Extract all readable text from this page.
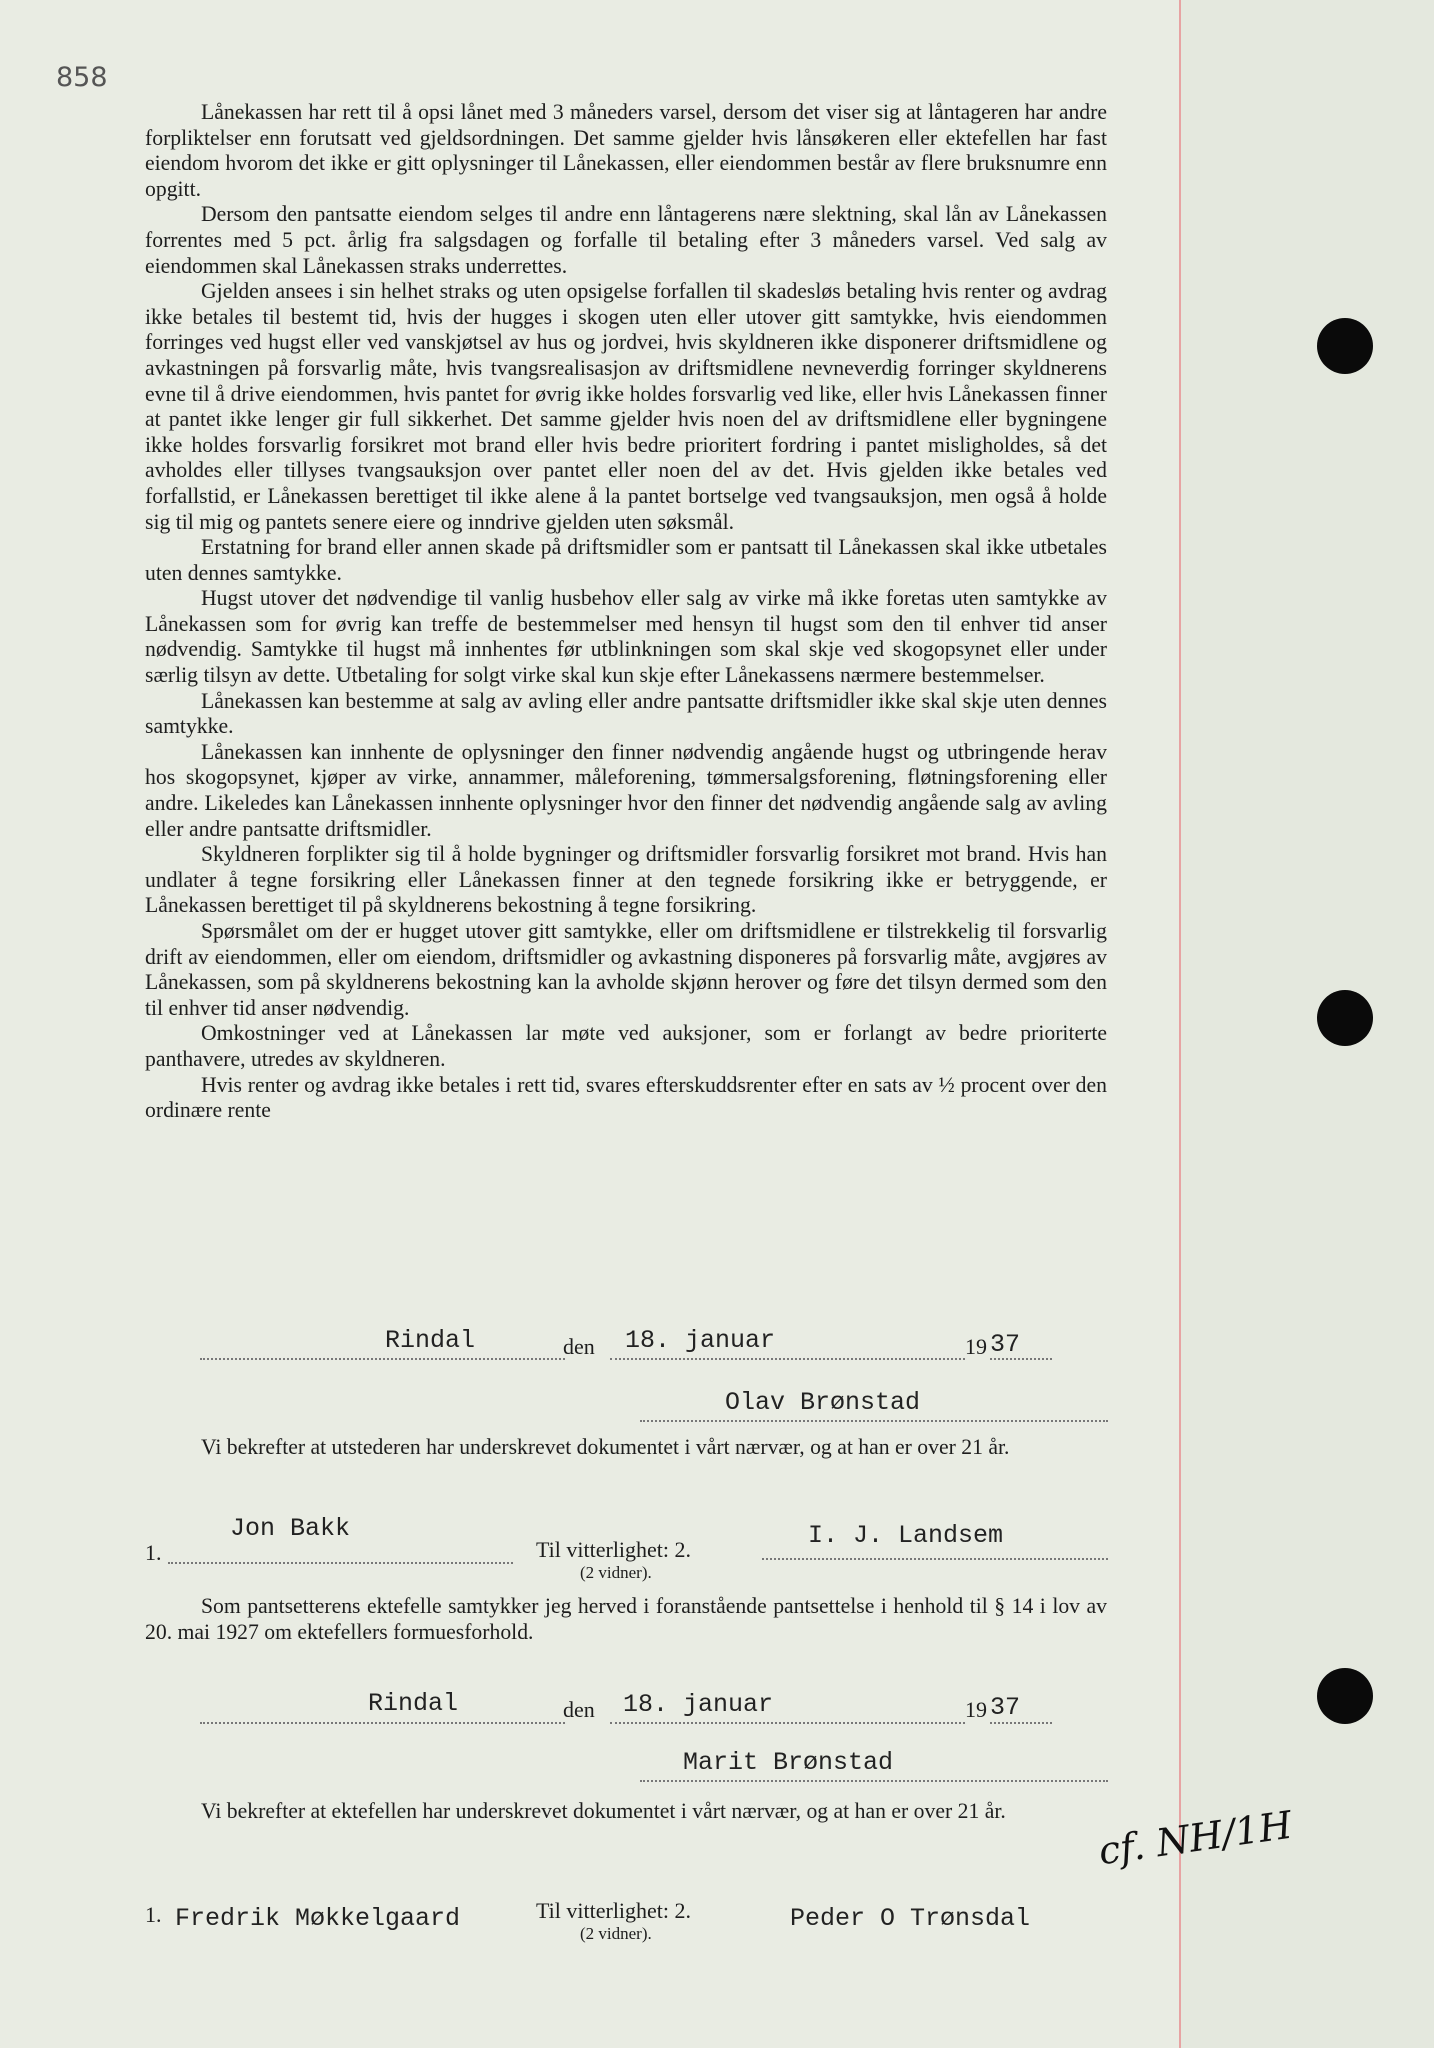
858

Lånekassen har rett til å opsi lånet med 3 måneders varsel, dersom det viser sig at låntageren har andre forpliktelser enn forutsatt ved gjeldsordningen. Det samme gjelder hvis lånsøkeren eller ektefellen har fast eiendom hvorom det ikke er gitt oplysninger til Lånekassen, eller eiendommen består av flere bruksnumre enn opgitt.

Dersom den pantsatte eiendom selges til andre enn låntagerens nære slektning, skal lån av Lånekassen forrentes med 5 pct. årlig fra salgsdagen og forfalle til betaling efter 3 måneders varsel. Ved salg av eiendommen skal Lånekassen straks underrettes.

Gjelden ansees i sin helhet straks og uten opsigelse forfallen til skadesløs betaling hvis renter og avdrag ikke betales til bestemt tid, hvis der hugges i skogen uten eller utover gitt samtykke, hvis eiendommen forringes ved hugst eller ved vanskjøtsel av hus og jordvei, hvis skyldneren ikke disponerer driftsmidlene og avkastningen på forsvarlig måte, hvis tvangsrealisasjon av driftsmidlene nevneverdig forringer skyldnerens evne til å drive eiendommen, hvis pantet for øvrig ikke holdes forsvarlig ved like, eller hvis Lånekassen finner at pantet ikke lenger gir full sikkerhet. Det samme gjelder hvis noen del av driftsmidlene eller bygningene ikke holdes forsvarlig forsikret mot brand eller hvis bedre prioritert fordring i pantet misligholdes, så det avholdes eller tillyses tvangsauksjon over pantet eller noen del av det. Hvis gjelden ikke betales ved forfallstid, er Lånekassen berettiget til ikke alene å la pantet bortselge ved tvangsauksjon, men også å holde sig til mig og pantets senere eiere og inndrive gjelden uten søksmål.

Erstatning for brand eller annen skade på driftsmidler som er pantsatt til Lånekassen skal ikke utbetales uten dennes samtykke.

Hugst utover det nødvendige til vanlig husbehov eller salg av virke må ikke foretas uten samtykke av Lånekassen som for øvrig kan treffe de bestemmelser med hensyn til hugst som den til enhver tid anser nødvendig. Samtykke til hugst må innhentes før utblinkningen som skal skje ved skogopsynet eller under særlig tilsyn av dette. Utbetaling for solgt virke skal kun skje efter Lånekassens nærmere bestemmelser.

Lånekassen kan bestemme at salg av avling eller andre pantsatte driftsmidler ikke skal skje uten dennes samtykke.

Lånekassen kan innhente de oplysninger den finner nødvendig angående hugst og utbringende herav hos skogopsynet, kjøper av virke, annammer, måleforening, tømmersalgsforening, fløtningsforening eller andre. Likeledes kan Lånekassen innhente oplysninger hvor den finner det nødvendig angående salg av avling eller andre pantsatte driftsmidler.

Skyldneren forplikter sig til å holde bygninger og driftsmidler forsvarlig forsikret mot brand. Hvis han undlater å tegne forsikring eller Lånekassen finner at den tegnede forsikring ikke er betryggende, er Lånekassen berettiget til på skyldnerens bekostning å tegne forsikring.

Spørsmålet om der er hugget utover gitt samtykke, eller om driftsmidlene er tilstrekkelig til forsvarlig drift av eiendommen, eller om eiendom, driftsmidler og avkastning disponeres på forsvarlig måte, avgjøres av Lånekassen, som på skyldnerens bekostning kan la avholde skjønn herover og føre det tilsyn dermed som den til enhver tid anser nødvendig.

Omkostninger ved at Lånekassen lar møte ved auksjoner, som er forlangt av bedre prioriterte panthavere, utredes av skyldneren.

Hvis renter og avdrag ikke betales i rett tid, svares efterskuddsrenter efter en sats av ½ procent over den ordinære rente

Rindal	den 18. januar	19 37
Olav Brønstad
Vi bekrefter at utstederen har underskrevet dokumentet i vårt nærvær, og at han er over 21 år.
1.
Jon Bakk
Til vitterlighet: 2.
(2 vidner).
I. J. Landsem
Som pantsetterens ektefelle samtykker jeg herved i foranstående pantsettelse i henhold til § 14 i lov av 20. mai 1927 om ektefellers formuesforhold.
Rindal	den 18. januar	19 37
Marit Brønstad
Vi bekrefter at ektefellen har underskrevet dokumentet i vårt nærvær, og at han er over 21 år.
1. Fredrik Møkkelgaard	Til vitterlighet: 2.
(2 vidner).
Peder O Trønsdal
cf. NH/1H
